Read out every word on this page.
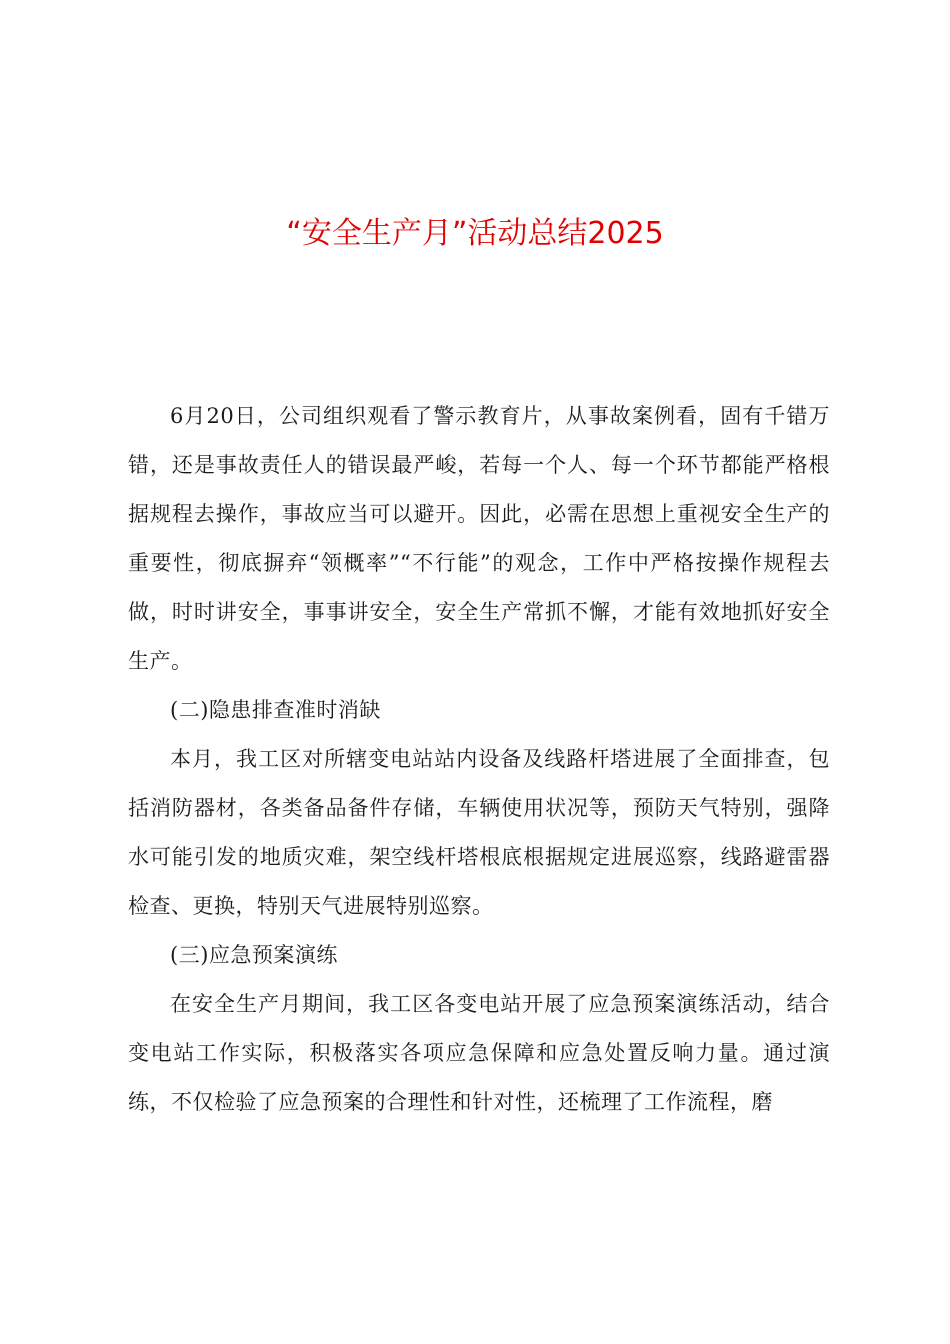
“安全生产月”活动总结2025

6月20日，公司组织观看了警示教育片，从事故案例看，固有千错万错，还是事故责任人的错误最严峻，若每一个人、每一个环节都能严格根据规程去操作，事故应当可以避开。因此，必需在思想上重视安全生产的重要性，彻底摒弃“领概率”“不行能”的观念，工作中严格按操作规程去做，时时讲安全，事事讲安全，安全生产常抓不懈，才能有效地抓好安全生产。

(二)隐患排查准时消缺

本月，我工区对所辖变电站站内设备及线路杆塔进展了全面排查，包括消防器材，各类备品备件存储，车辆使用状况等，预防天气特别，强降水可能引发的地质灾难，架空线杆塔根底根据规定进展巡察，线路避雷器检查、更换，特别天气进展特别巡察。

(三)应急预案演练

在安全生产月期间，我工区各变电站开展了应急预案演练活动，结合变电站工作实际，积极落实各项应急保障和应急处置反响力量。通过演练，不仅检验了应急预案的合理性和针对性，还梳理了工作流程，磨
